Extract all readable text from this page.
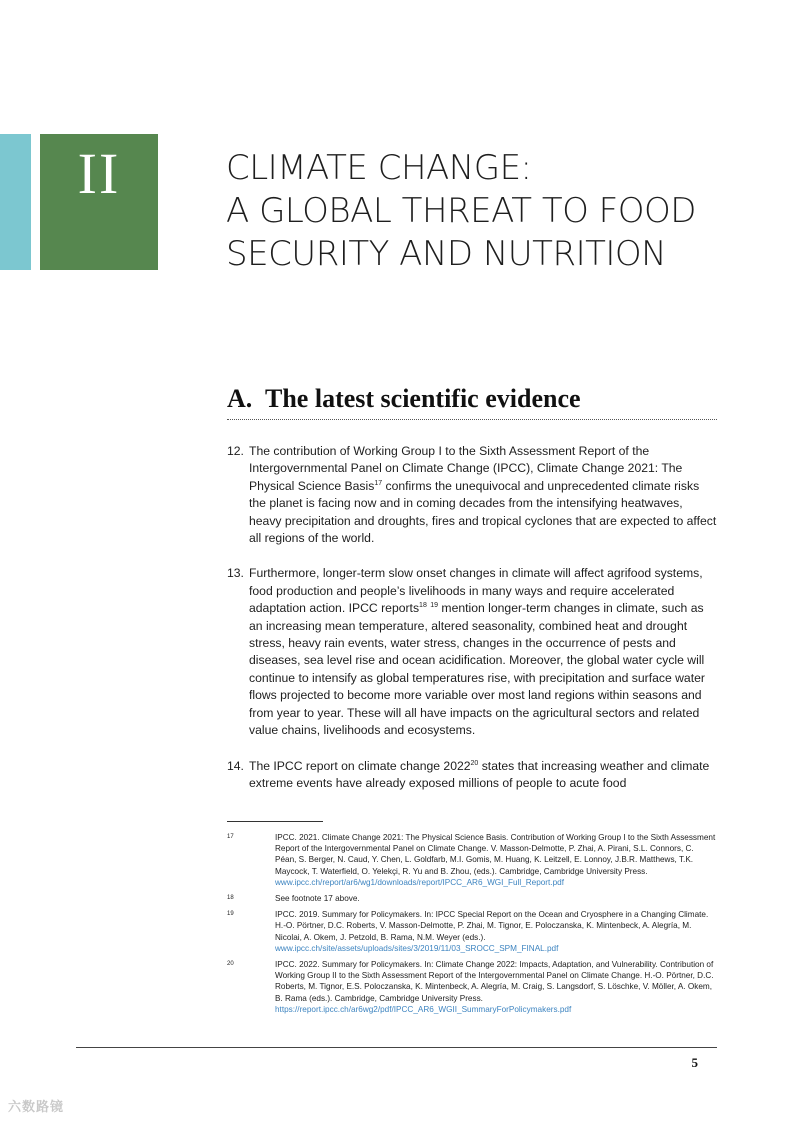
II	CLIMATE CHANGE:
A GLOBAL THREAT TO FOOD
SECURITY AND NUTRITION
A. The latest scientific evidence

12. The contribution of Working Group I to the Sixth Assessment Report of the Intergovernmental Panel on Climate Change (IPCC), Climate Change 2021: The Physical Science Basis$^{17}$ confirms the unequivocal and unprecedented climate risks the planet is facing now and in coming decades from the intensifying heatwaves, heavy precipitation and droughts, fires and tropical cyclones that are expected to affect all regions of the world.

13. Furthermore, longer-term slow onset changes in climate will affect agrifood systems, food production and people’s livelihoods in many ways and require accelerated adaptation action. IPCC reports$^{18}$ $^{19}$ mention longer-term changes in climate, such as an increasing mean temperature, altered seasonality, combined heat and drought stress, heavy rain events, water stress, changes in the occurrence of pests and diseases, sea level rise and ocean acidification. Moreover, the global water cycle will continue to intensify as global temperatures rise, with precipitation and surface water flows projected to become more variable over most land regions within seasons and from year to year. These will all have impacts on the agricultural sectors and related value chains, livelihoods and ecosystems.

14. The IPCC report on climate change 2022$^{20}$ states that increasing weather and climate extreme events have already exposed millions of people to acute food

17	IPCC. 2021. Climate Change 2021: The Physical Science Basis. Contribution of Working Group I to the Sixth Assessment Report of the Intergovernmental Panel on Climate Change. V. Masson-Delmotte, P. Zhai, A. Pirani, S.L. Connors, C. Péan, S. Berger, N. Caud, Y. Chen, L. Goldfarb, M.I. Gomis, M. Huang, K. Leitzell, E. Lonnoy, J.B.R. Matthews, T.K. Maycock, T. Waterfield, O. Yelekçi, R. Yu and B. Zhou, (eds.). Cambridge, Cambridge University Press.
www.ipcc.ch/report/ar6/wg1/downloads/report/IPCC_AR6_WGI_Full_Report.pdf

18	See footnote 17 above.

19	IPCC. 2019. Summary for Policymakers. In: IPCC Special Report on the Ocean and Cryosphere in a Changing Climate. H.-O. Pörtner, D.C. Roberts, V. Masson-Delmotte, P. Zhai, M. Tignor, E. Poloczanska, K. Mintenbeck, A. Alegría, M. Nicolai, A. Okem, J. Petzold, B. Rama, N.M. Weyer (eds.).
www.ipcc.ch/site/assets/uploads/sites/3/2019/11/03_SROCC_SPM_FINAL.pdf

20	IPCC. 2022. Summary for Policymakers. In: Climate Change 2022: Impacts, Adaptation, and Vulnerability. Contribution of Working Group II to the Sixth Assessment Report of the Intergovernmental Panel on Climate Change. H.-O. Pörtner, D.C. Roberts, M. Tignor, E.S. Poloczanska, K. Mintenbeck, A. Alegría, M. Craig, S. Langsdorf, S. Löschke, V. Möller, A. Okem, B. Rama (eds.). Cambridge, Cambridge University Press.
https://report.ipcc.ch/ar6wg2/pdf/IPCC_AR6_WGII_SummaryForPolicymakers.pdf

5
六数路镜
